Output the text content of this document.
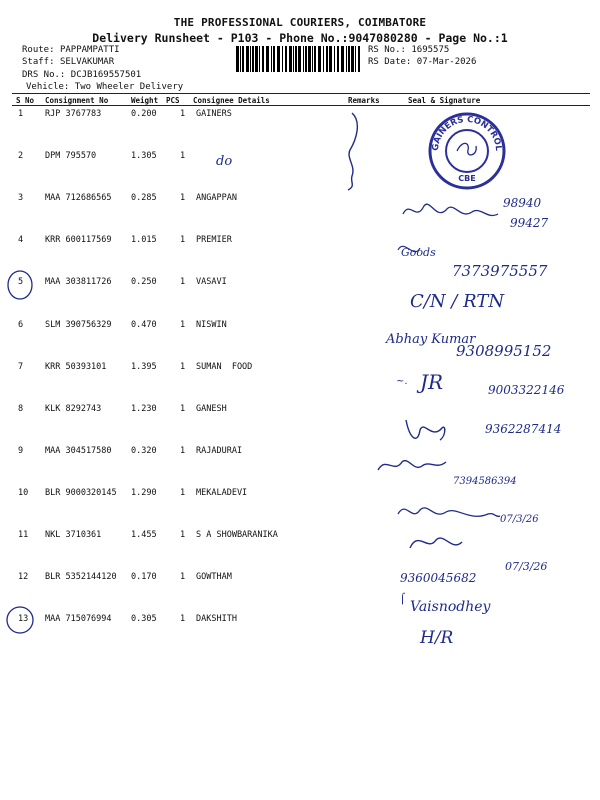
THE PROFESSIONAL COURIERS, COIMBATORE
Delivery Runsheet - P103 - Phone No.:9047080280 - Page No.:1
Route: PAPPAMPATTI
Staff: SELVAKUMAR
DRS No.: DCJB169557501
Vehicle: Two Wheeler Delivery
RS No.: 1695575
RS Date: 07-Mar-2026
S No Consignment No	Weight PCS Consignee Details	Remarks	Seal & Signature
1	RJP 3767783	0.200	1 GAINERS
2	DPM 795570	1.305	1
3	MAA 712686565 0.285	1 ANGAPPAN
4	KRR 600117569 1.015	1 PREMIER
5	MAA 303811726 0.250	1 VASAVI
6	SLM 390756329 0.470	1 NISWIN
7	KRR 50393101	1.395	1 SUMAN  FOOD
8	KLK 8292743	1.230	1 GANESH
9	MAA 304517580 0.320	1 RAJADURAI
10 BLR 9000320145 1.290	1 MEKALADEVI
11 NKL 3710361	1.455	1 S A SHOWBARANIKA
12 BLR 5352144120 0.170	1 GOWTHAM
13 MAA 715076994 0.305	1 DAKSHITH
GAINERS CONTROL
CBE
do
98940
99427
Goods
7373975557
C/N / RTN
Abhay Kumar
9308995152
~. JR	9003322146
9362287414
7394586394
07/3/26
07/3/26
9360045682
⌠ Vaisnodhey
H/R
